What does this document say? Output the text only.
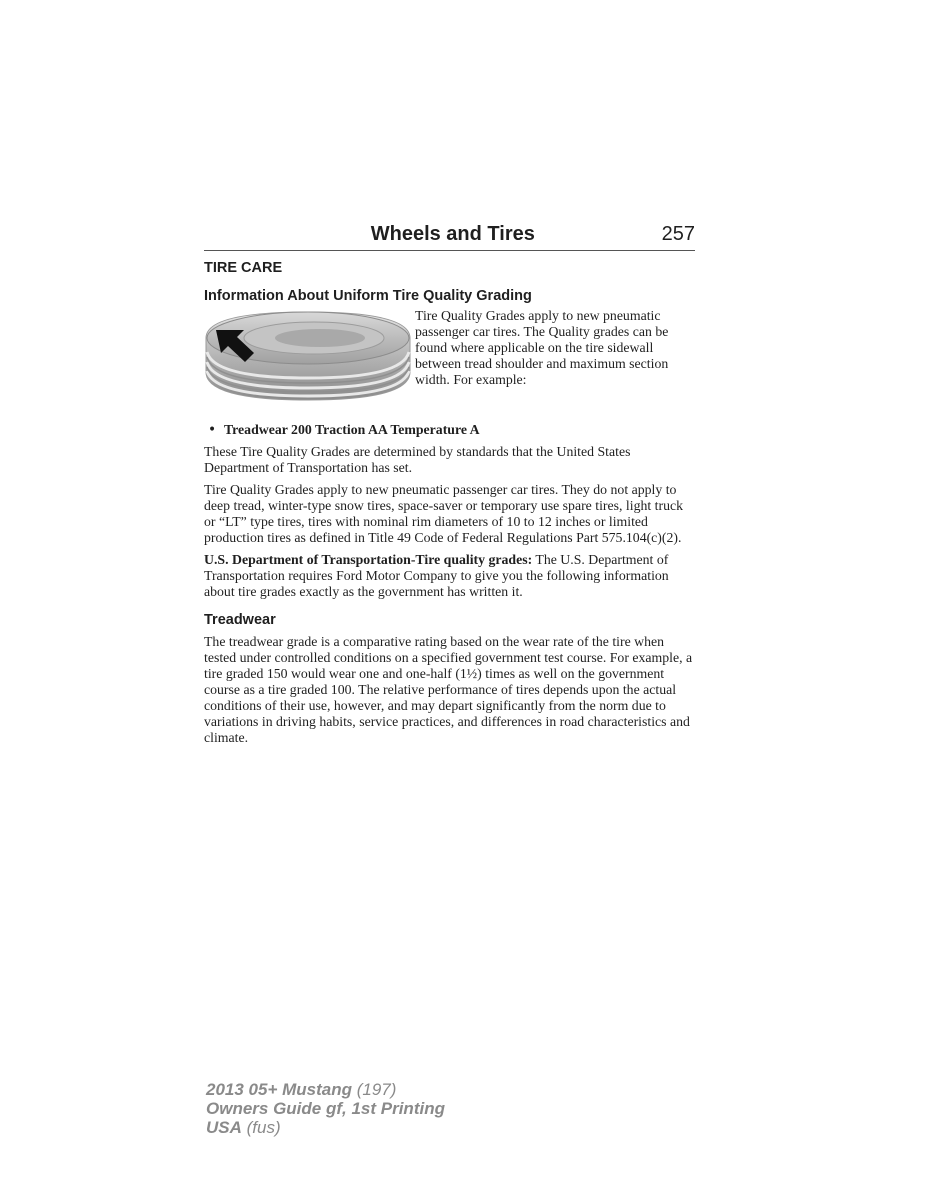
Wheels and Tires	257
TIRE CARE
Information About Uniform Tire Quality Grading

Tire Quality Grades apply to new pneumatic passenger car tires. The Quality grades can be found where applicable on the tire sidewall between tread shoulder and maximum section width. For example:

• Treadwear 200 Traction AA Temperature A

These Tire Quality Grades are determined by standards that the United States Department of Transportation has set.

Tire Quality Grades apply to new pneumatic passenger car tires. They do not apply to deep tread, winter-type snow tires, space-saver or temporary use spare tires, light truck or “LT” type tires, tires with nominal rim diameters of 10 to 12 inches or limited production tires as defined in Title 49 Code of Federal Regulations Part 575.104(c)(2).

U.S. Department of Transportation-Tire quality grades: The U.S. Department of Transportation requires Ford Motor Company to give you the following information about tire grades exactly as the government has written it.

Treadwear

The treadwear grade is a comparative rating based on the wear rate of the tire when tested under controlled conditions on a specified government test course. For example, a tire graded 150 would wear one and one-half (1½) times as well on the government course as a tire graded 100. The relative performance of tires depends upon the actual conditions of their use, however, and may depart significantly from the norm due to variations in driving habits, service practices, and differences in road characteristics and climate.

2013 05+ Mustang (197)
Owners Guide gf, 1st Printing
USA (fus)
